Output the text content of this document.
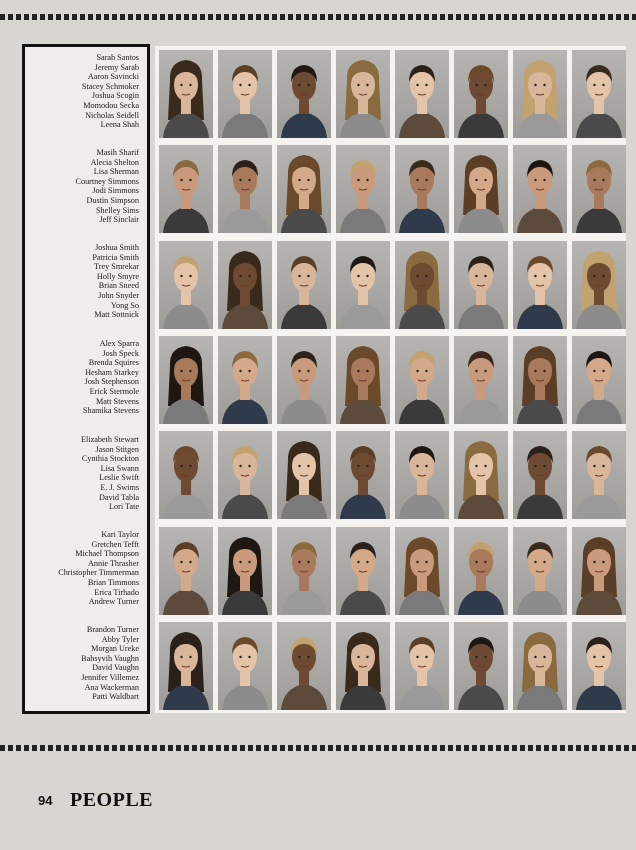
Sarah Santos
Jeremy Sarab
Aaron Savincki
Stacey Schmoker
Joshua Scogin
Momodou Secka
Nicholas Seidell
Leena Shah
Masih Sharif
Alecia Shelton
Lisa Sherman
Courtney Simmons
Jodi Simmons
Dustin Simpson
Shelley Sims
Jeff Sinclair
Joshua Smith
Patricia Smith
Trey Smrekar
Holly Smyre
Brian Sneed
John Snyder
Yong So
Matt Sottnick
Alex Sparra
Josh Speck
Brenda Squires
Hesham Starkey
Josh Stephenson
Erick Stermole
Matt Stevens
Shamika Stevens
Elizabeth Stewart
Jason Stitgen
Cynthia Stockton
Lisa Swann
Leslie Swift
E. J. Swims
David Tabla
Lori Tate
Kari Taylor
Gretchen Tefft
Michael Thompson
Annie Thrasher
Christopher Timmerman
Brian Timmons
Erica Tirhado
Andrew Turner
Brandon Turner
Abby Tyler
Morgan Ureke
Bahsyvih Vaughn
David Vaughn
Jennifer Villemez
Ana Wackerman
Patti Waldbart
94 PEOPLE
